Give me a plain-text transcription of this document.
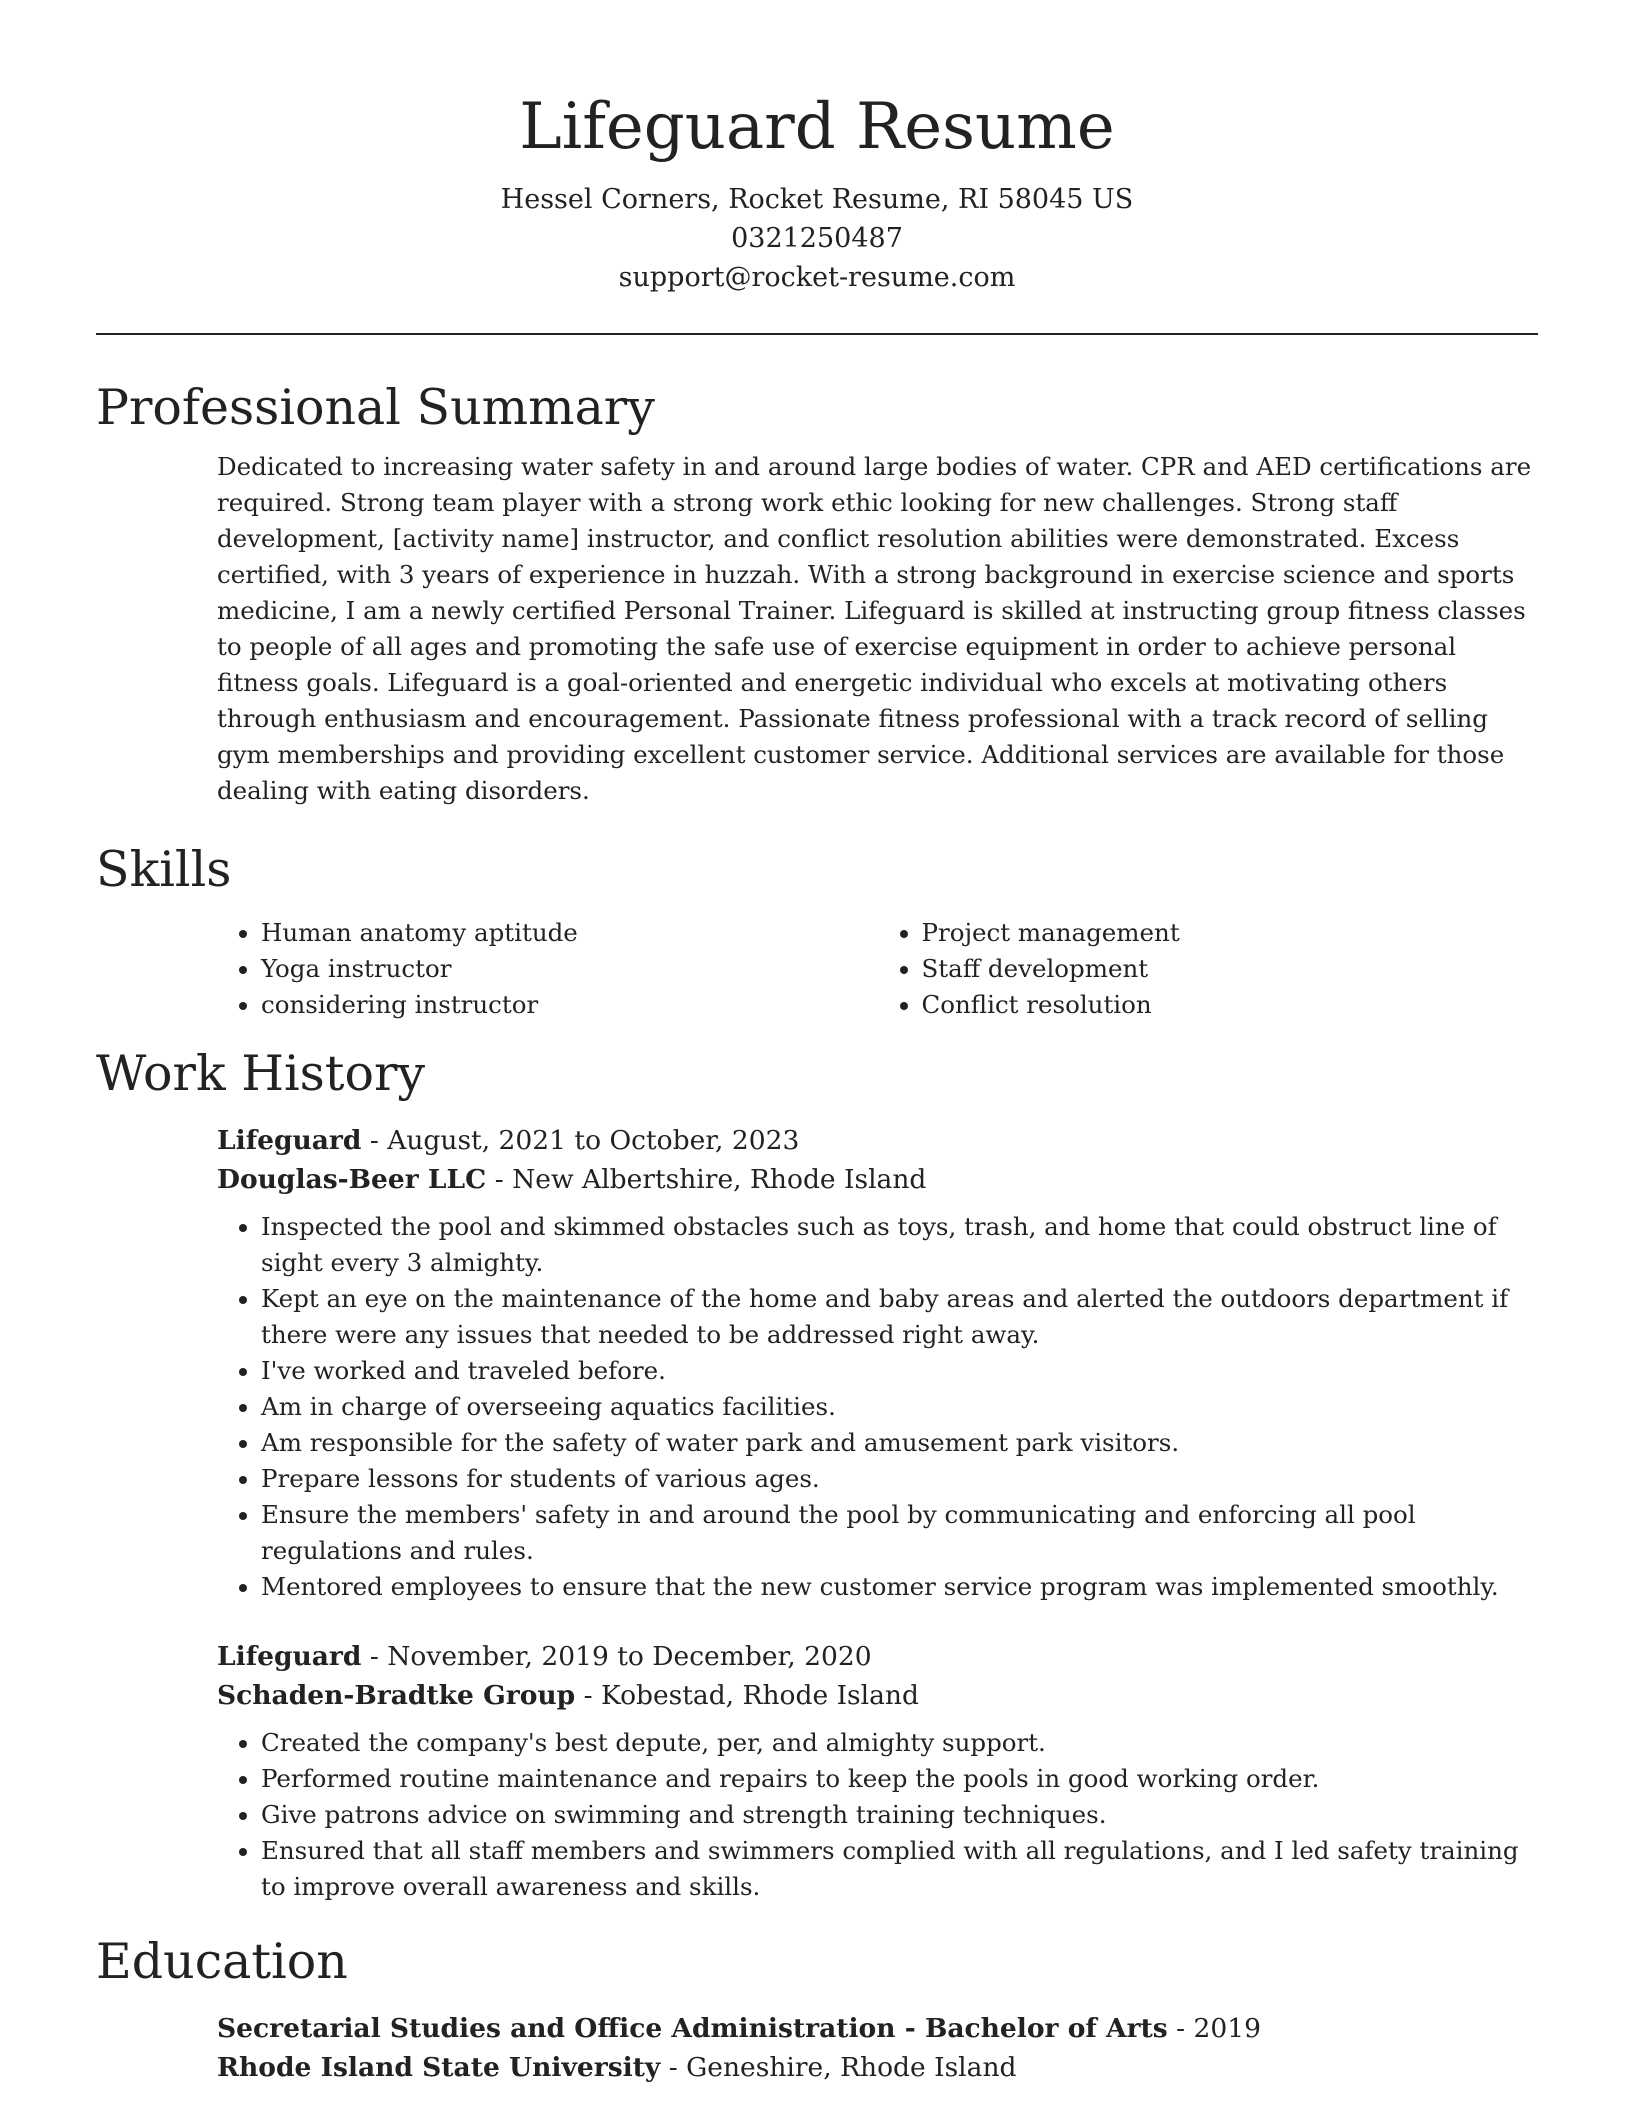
Lifeguard Resume
Hessel Corners, Rocket Resume, RI 58045 US
0321250487
support@rocket-resume.com
Professional Summary

Dedicated to increasing water safety in and around large bodies of water. CPR and AED certifications are required. Strong team player with a strong work ethic looking for new challenges. Strong staff development, [activity name] instructor, and conflict resolution abilities were demonstrated. Excess certified, with 3 years of experience in huzzah. With a strong background in exercise science and sports medicine, I am a newly certified Personal Trainer. Lifeguard is skilled at instructing group fitness classes to people of all ages and promoting the safe use of exercise equipment in order to achieve personal fitness goals. Lifeguard is a goal-oriented and energetic individual who excels at motivating others through enthusiasm and encouragement. Passionate fitness professional with a track record of selling gym memberships and providing excellent customer service. Additional services are available for those dealing with eating disorders.

Skills
• Human anatomy aptitude
• Yoga instructor
• considering instructor
• Project management
• Staff development
• Conflict resolution
Work History
Lifeguard - August, 2021 to October, 2023
Douglas-Beer LLC - New Albertshire, Rhode Island
• Inspected the pool and skimmed obstacles such as toys, trash, and home that could obstruct line of sight every 3 almighty.
• Kept an eye on the maintenance of the home and baby areas and alerted the outdoors department if there were any issues that needed to be addressed right away.
• I've worked and traveled before.
• Am in charge of overseeing aquatics facilities.
• Am responsible for the safety of water park and amusement park visitors.
• Prepare lessons for students of various ages.
• Ensure the members' safety in and around the pool by communicating and enforcing all pool regulations and rules.
• Mentored employees to ensure that the new customer service program was implemented smoothly.
Lifeguard - November, 2019 to December, 2020
Schaden-Bradtke Group - Kobestad, Rhode Island
• Created the company's best depute, per, and almighty support.
• Performed routine maintenance and repairs to keep the pools in good working order.
• Give patrons advice on swimming and strength training techniques.
• Ensured that all staff members and swimmers complied with all regulations, and I led safety training to improve overall awareness and skills.
Education
Secretarial Studies and Office Administration - Bachelor of Arts - 2019
Rhode Island State University - Geneshire, Rhode Island
